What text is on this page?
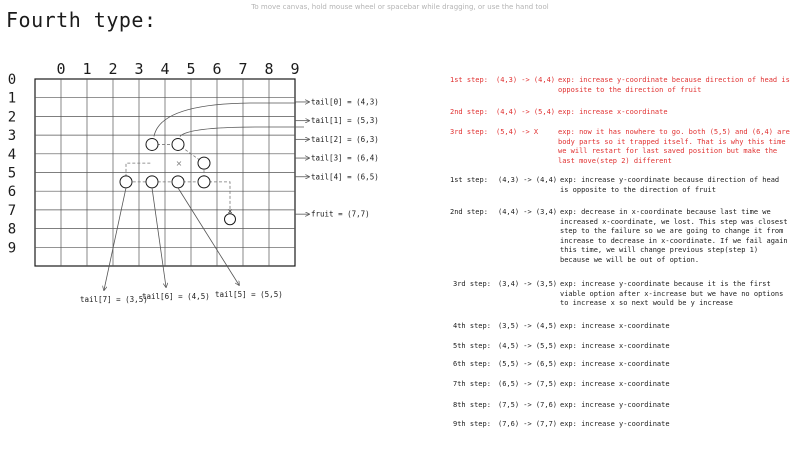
To move canvas, hold mouse wheel or spacebar while dragging, or use the hand tool
Fourth type:
0 1 2 3 4 5 6 7 8 9
0
1
2
3
4
5
6
7
8
9
×
×
tail[0] = (4,3)
tail[1] = (5,3)
tail[2] = (6,3)
tail[3] = (6,4)
tail[4] = (6,5)
fruit = (7,7)
tail[7] = (3,5)
tail[6] = (4,5) tail[5] = (5,5)
1st step: (4,3) -> (4,4) exp: increase y-coordinate because direction of head is opposite to the direction of fruit
2nd step: (4,4) -> (5,4) exp: increase x-coordinate
3rd step: (5,4) -> X	exp: now it has nowhere to go. both (5,5) and (6,4) are body parts so it trapped itself. That is why this time we will restart for last saved position but make the last move(step 2) different
1st step: (4,3) -> (4,4) exp: increase y-coordinate because direction of head is opposite to the direction of fruit
2nd step: (4,4) -> (3,4) exp: decrease in x-coordinate because last time we increased x-coordinate, we lost. This step was closest step to the failure so we are going to change it from increase to decrease in x-coordinate. If we fail again this time, we will change previous step(step 1) because we will be out of option.
3rd step: (3,4) -> (3,5) exp: increase y-coordinate because it is the first viable option after x-increase but we have no options to increase x so next would be y increase
4th step: (3,5) -> (4,5) exp: increase x-coordinate
5th step: (4,5) -> (5,5) exp: increase x-coordinate
6th step: (5,5) -> (6,5) exp: increase x-coordinate
7th step: (6,5) -> (7,5) exp: increase x-coordinate
8th step: (7,5) -> (7,6) exp: increase y-coordinate
9th step: (7,6) -> (7,7) exp: increase y-coordinate
